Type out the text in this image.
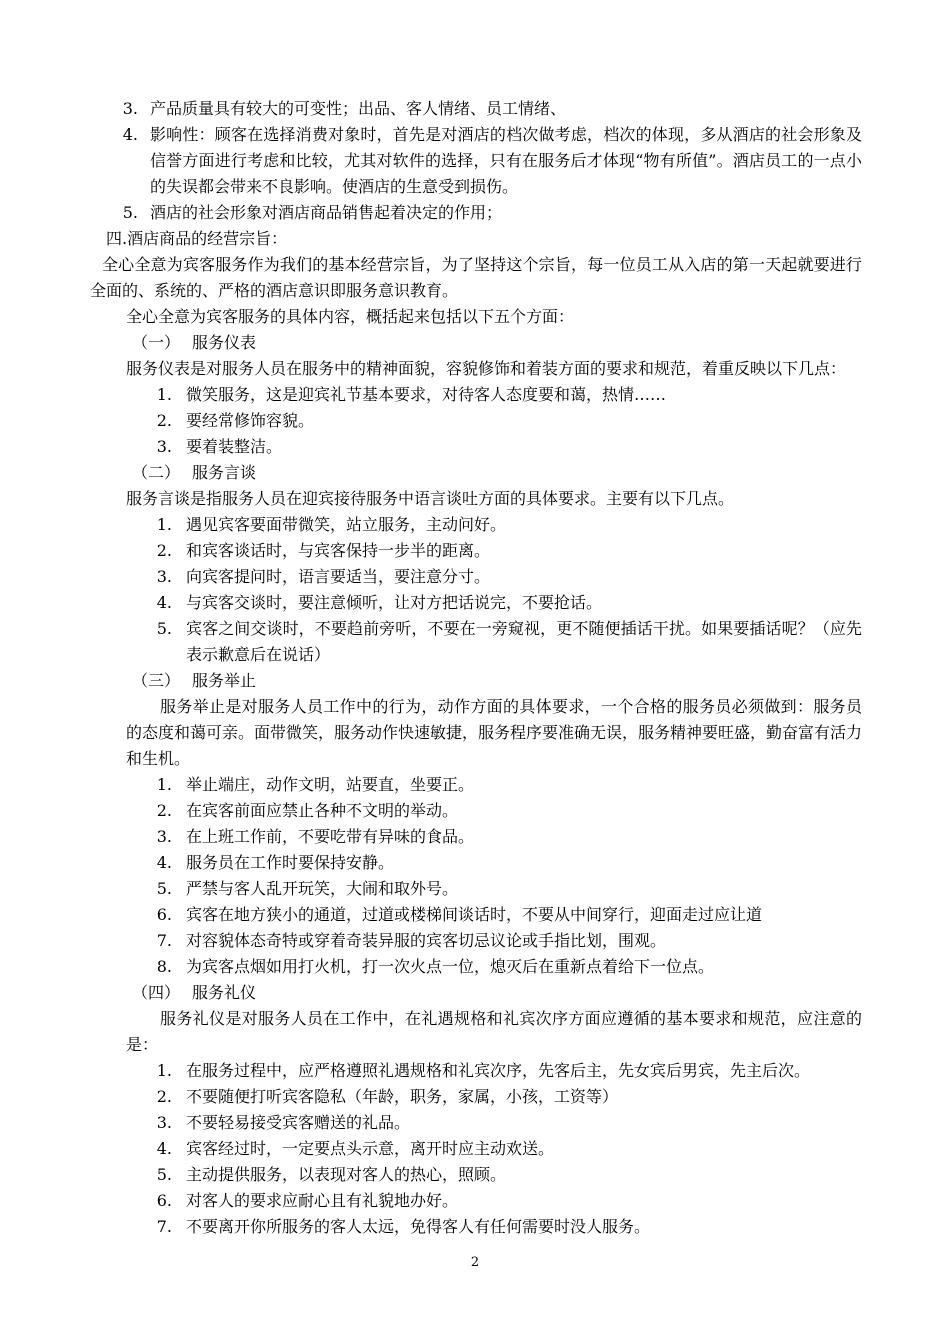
3. 产品质量具有较大的可变性；出品、客人情绪、员工情绪、
4. 影响性：顾客在选择消费对象时，首先是对酒店的档次做考虑，档次的体现，多从酒店的社会形象及信誉方面进行考虑和比较，尤其对软件的选择，只有在服务后才体现“物有所值”。酒店员工的一点小的失误都会带来不良影响。使酒店的生意受到损伤。
5. 酒店的社会形象对酒店商品销售起着决定的作用；
四.酒店商品的经营宗旨：
全心全意为宾客服务作为我们的基本经营宗旨，为了坚持这个宗旨，每一位员工从入店的第一天起就要进行全面的、系统的、严格的酒店意识即服务意识教育。
全心全意为宾客服务的具体内容，概括起来包括以下五个方面：
（一） 服务仪表
服务仪表是对服务人员在服务中的精神面貌，容貌修饰和着装方面的要求和规范，着重反映以下几点：
1. 微笑服务，这是迎宾礼节基本要求，对待客人态度要和蔼，热情……
2. 要经常修饰容貌。
3. 要着装整洁。
（二） 服务言谈
服务言谈是指服务人员在迎宾接待服务中语言谈吐方面的具体要求。主要有以下几点。
1. 遇见宾客要面带微笑，站立服务，主动问好。
2. 和宾客谈话时，与宾客保持一步半的距离。
3. 向宾客提问时，语言要适当，要注意分寸。
4. 与宾客交谈时，要注意倾听，让对方把话说完，不要抢话。
5. 宾客之间交谈时，不要趋前旁听，不要在一旁窥视，更不随便插话干扰。如果要插话呢？（应先表示歉意后在说话）
（三） 服务举止
服务举止是对服务人员工作中的行为，动作方面的具体要求，一个合格的服务员必须做到：服务员的态度和蔼可亲。面带微笑，服务动作快速敏捷，服务程序要准确无误，服务精神要旺盛，勤奋富有活力和生机。
1. 举止端庄，动作文明，站要直，坐要正。
2. 在宾客前面应禁止各种不文明的举动。
3. 在上班工作前，不要吃带有异味的食品。
4. 服务员在工作时要保持安静。
5. 严禁与客人乱开玩笑，大闹和取外号。
6. 宾客在地方狭小的通道，过道或楼梯间谈话时，不要从中间穿行，迎面走过应让道
7. 对容貌体态奇特或穿着奇装异服的宾客切忌议论或手指比划，围观。
8. 为宾客点烟如用打火机，打一次火点一位，熄灭后在重新点着给下一位点。
（四） 服务礼仪
服务礼仪是对服务人员在工作中，在礼遇规格和礼宾次序方面应遵循的基本要求和规范，应注意的是：
1. 在服务过程中，应严格遵照礼遇规格和礼宾次序，先客后主，先女宾后男宾，先主后次。
2. 不要随便打听宾客隐私（年龄，职务，家属，小孩，工资等）
3. 不要轻易接受宾客赠送的礼品。
4. 宾客经过时，一定要点头示意，离开时应主动欢送。
5. 主动提供服务，以表现对客人的热心，照顾。
6. 对客人的要求应耐心且有礼貌地办好。
7. 不要离开你所服务的客人太远，免得客人有任何需要时没人服务。
2
